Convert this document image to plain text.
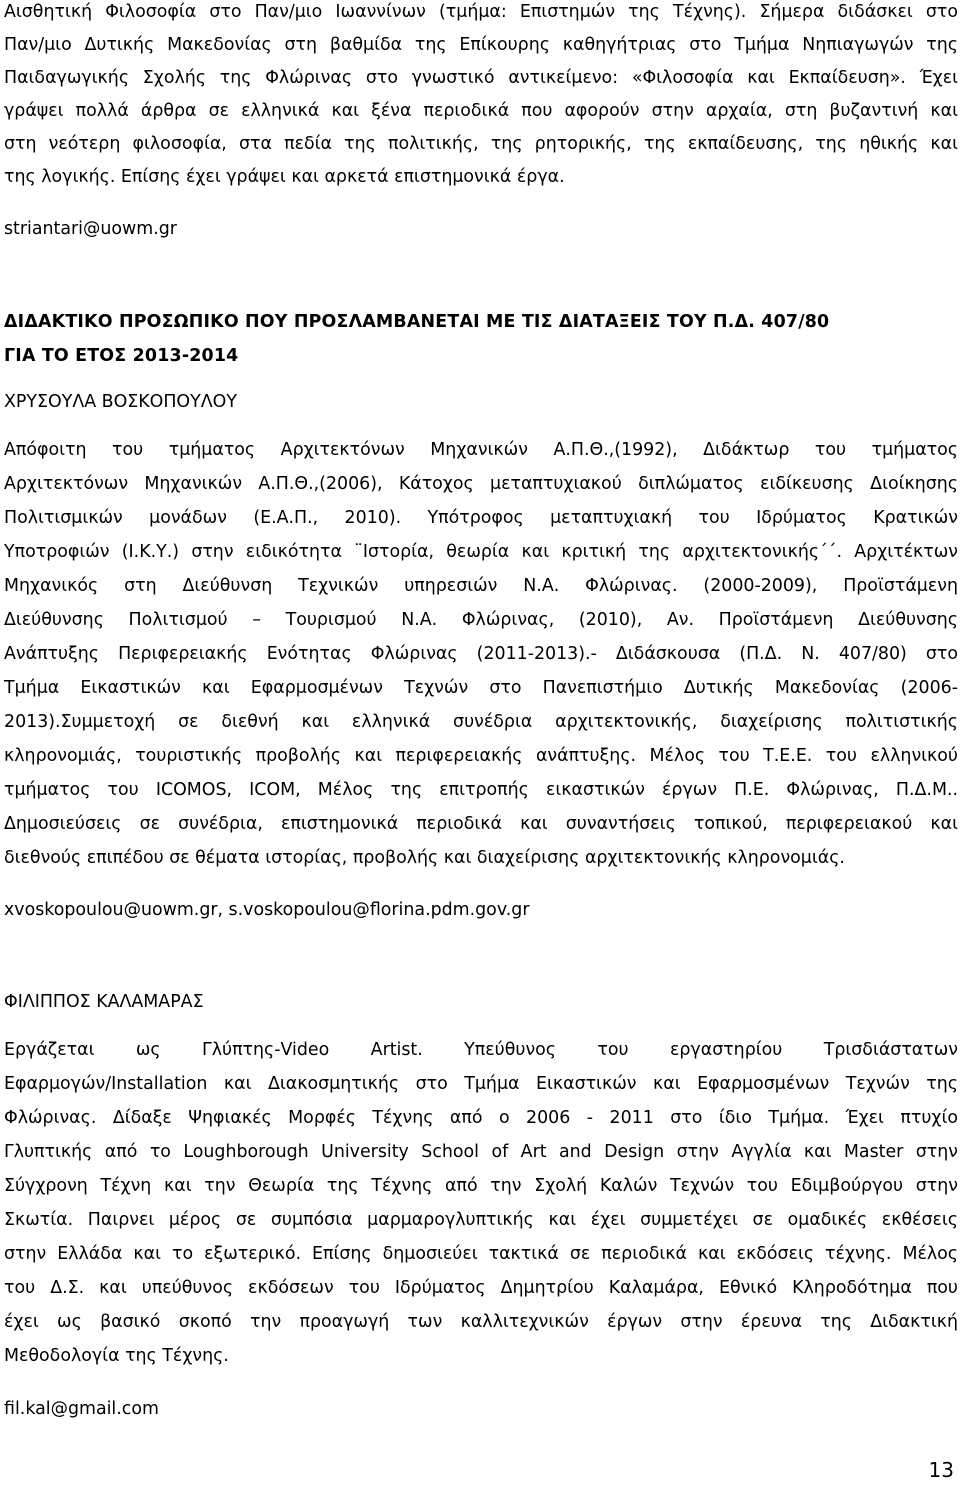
Αισθητική Φιλοσοφία στο Παν/μιο Ιωαννίνων (τμήμα: Επιστημών της Τέχνης). Σήμερα διδάσκει στο
Παν/μιο Δυτικής Μακεδονίας στη βαθμίδα της Επίκουρης καθηγήτριας στο Τμήμα Νηπιαγωγών της
Παιδαγωγικής Σχολής της Φλώρινας στο γνωστικό αντικείμενο: «Φιλοσοφία και Εκπαίδευση». Έχει
γράψει πολλά άρθρα σε ελληνικά και ξένα περιοδικά που αφορούν στην αρχαία, στη βυζαντινή και
στη νεότερη φιλοσοφία, στα πεδία της πολιτικής, της ρητορικής, της εκπαίδευσης, της ηθικής και
της λογικής. Επίσης έχει γράψει και αρκετά επιστημονικά έργα.
striantari@uowm.gr
ΔΙΔΑΚΤΙΚΟ ΠΡΟΣΩΠΙΚΟ ΠΟΥ ΠΡΟΣΛΑΜΒΑΝΕΤΑΙ ΜΕ ΤΙΣ ΔΙΑΤΑΞΕΙΣ ΤΟΥ Π.Δ. 407/80
ΓΙΑ ΤΟ ΕΤΟΣ 2013-2014
ΧΡΥΣΟΥΛΑ ΒΟΣΚΟΠΟΥΛΟΥ
Απόφοιτη του τμήματος Αρχιτεκτόνων Μηχανικών Α.Π.Θ.,(1992), Διδάκτωρ του τμήματος
Αρχιτεκτόνων Μηχανικών Α.Π.Θ.,(2006), Κάτοχος μεταπτυχιακού διπλώματος ειδίκευσης Διοίκησης
Πολιτισμικών μονάδων (Ε.Α.Π., 2010). Υπότροφος μεταπτυχιακή του Ιδρύματος Κρατικών
Υποτροφιών (Ι.Κ.Υ.) στην ειδικότητα ¨Ιστορία, θεωρία και κριτική της αρχιτεκτονικής΄΄. Αρχιτέκτων
Μηχανικός στη Διεύθυνση Τεχνικών υπηρεσιών Ν.Α. Φλώρινας. (2000-2009), Προϊστάμενη
Διεύθυνσης Πολιτισμού – Τουρισμού Ν.Α. Φλώρινας, (2010), Αν. Προϊστάμενη Διεύθυνσης
Ανάπτυξης Περιφερειακής Ενότητας Φλώρινας (2011-2013).- Διδάσκουσα (Π.Δ. Ν. 407/80) στο
Τμήμα Εικαστικών και Εφαρμοσμένων Τεχνών στο Πανεπιστήμιο Δυτικής Μακεδονίας (2006-
2013).Συμμετοχή σε διεθνή και ελληνικά συνέδρια αρχιτεκτονικής, διαχείρισης πολιτιστικής
κληρονομιάς, τουριστικής προβολής και περιφερειακής ανάπτυξης. Μέλος του Τ.Ε.Ε. του ελληνικού
τμήματος του ICOMOS, ICOM, Μέλος της επιτροπής εικαστικών έργων Π.Ε. Φλώρινας, Π.Δ.Μ..
Δημοσιεύσεις σε συνέδρια, επιστημονικά περιοδικά και συναντήσεις τοπικού, περιφερειακού και
διεθνούς επιπέδου σε θέματα ιστορίας, προβολής και διαχείρισης αρχιτεκτονικής κληρονομιάς.
xvoskopoulou@uowm.gr, s.voskopoulou@florina.pdm.gov.gr
ΦΙΛΙΠΠΟΣ ΚΑΛΑΜΑΡΑΣ
Εργάζεται ως Γλύπτης-Video Artist. Υπεύθυνος του εργαστηρίου Τρισδιάστατων
Εφαρμογών/Installation και Διακοσμητικής στο Τμήμα Εικαστικών και Εφαρμοσμένων Τεχνών της
Φλώρινας. Δίδαξε Ψηφιακές Μορφές Τέχνης από ο 2006 - 2011 στο ίδιο Τμήμα. Έχει πτυχίο
Γλυπτικής από το Loughborough University School of Art and Design στην Αγγλία και Master στην
Σύγχρονη Τέχνη και την Θεωρία της Τέχνης από την Σχολή Καλών Τεχνών του Εδιμβούργου στην
Σκωτία. Παιρνει μέρος σε συμπόσια μαρμαρογλυπτικής και έχει συμμετέχει σε ομαδικές εκθέσεις
στην Ελλάδα και το εξωτερικό. Επίσης δημοσιεύει τακτικά σε περιοδικά και εκδόσεις τέχνης. Μέλος
του Δ.Σ. και υπεύθυνος εκδόσεων του Ιδρύματος Δημητρίου Καλαμάρα, Εθνικό Κληροδότημα που
έχει ως βασικό σκοπό την προαγωγή των καλλιτεχνικών έργων στην έρευνα της Διδακτική
Μεθοδολογία της Τέχνης.
fil.kal@gmail.com
13
